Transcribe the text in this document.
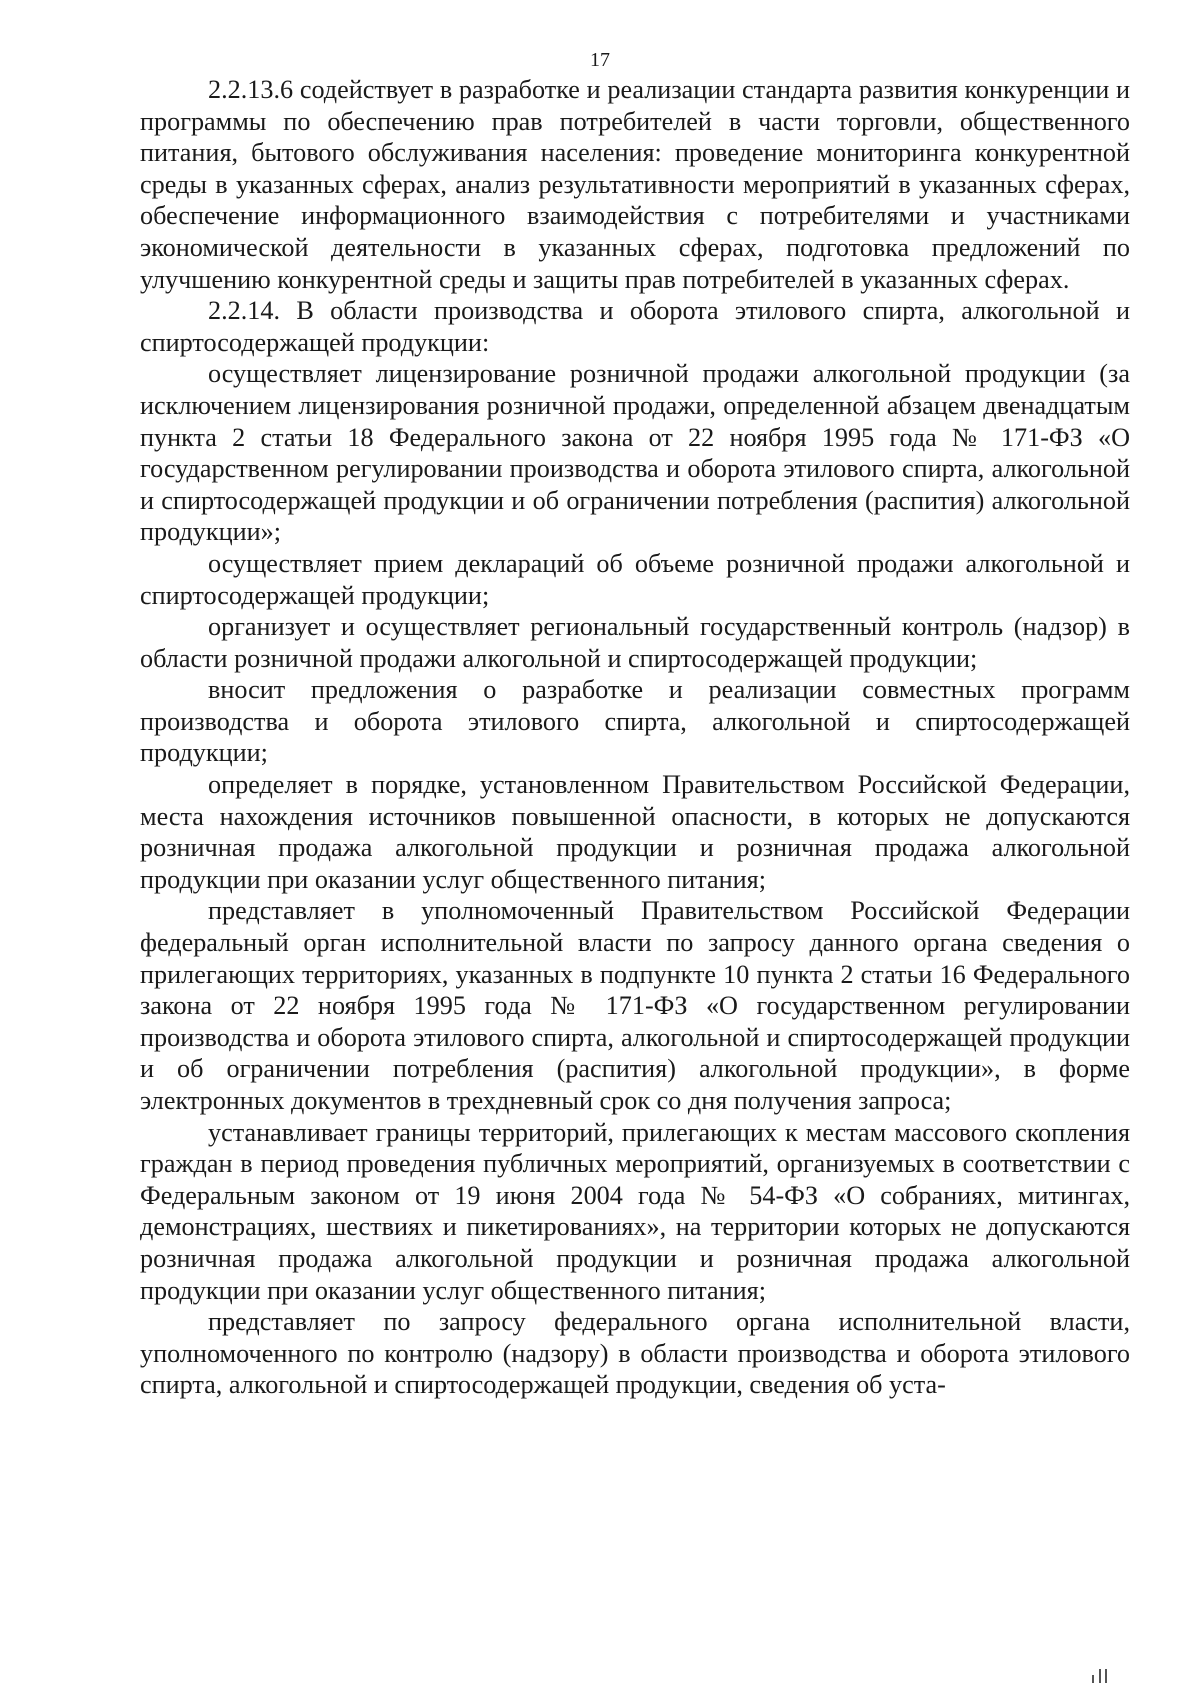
17

2.2.13.6 содействует в разработке и реализации стандарта развития конкуренции и программы по обеспечению прав потребителей в части торговли, общественного питания, бытового обслуживания населения: проведение мониторинга конкурентной среды в указанных сферах, анализ результативности мероприятий в указанных сферах, обеспечение информационного взаимодействия с потребителями и участниками экономической деятельности в указанных сферах, подготовка предложений по улучшению конкурентной среды и защиты прав потребителей в указанных сферах.

2.2.14. В области производства и оборота этилового спирта, алкогольной и спиртосодержащей продукции:

осуществляет лицензирование розничной продажи алкогольной продукции (за исключением лицензирования розничной продажи, определенной абзацем двенадцатым пункта 2 статьи 18 Федерального закона от 22 ноября 1995 года № 171-ФЗ «О государственном регулировании производства и оборота этилового спирта, алкогольной и спиртосодержащей продукции и об ограничении потребления (распития) алкогольной продукции»;

осуществляет прием деклараций об объеме розничной продажи алкогольной и спиртосодержащей продукции;

организует и осуществляет региональный государственный контроль (надзор) в области розничной продажи алкогольной и спиртосодержащей продукции;

вносит предложения о разработке и реализации совместных программ производства и оборота этилового спирта, алкогольной и спиртосодержащей продукции;

определяет в порядке, установленном Правительством Российской Федерации, места нахождения источников повышенной опасности, в которых не допускаются розничная продажа алкогольной продукции и розничная продажа алкогольной продукции при оказании услуг общественного питания;

представляет в уполномоченный Правительством Российской Федерации федеральный орган исполнительной власти по запросу данного органа сведения о прилегающих территориях, указанных в подпункте 10 пункта 2 статьи 16 Федерального закона от 22 ноября 1995 года № 171-ФЗ «О государственном регулировании производства и оборота этилового спирта, алкогольной и спиртосодержащей продукции и об ограничении потребления (распития) алкогольной продукции», в форме электронных документов в трехдневный срок со дня получения запроса;

устанавливает границы территорий, прилегающих к местам массового скопления граждан в период проведения публичных мероприятий, организуемых в соответствии с Федеральным законом от 19 июня 2004 года № 54-ФЗ «О собраниях, митингах, демонстрациях, шествиях и пикетированиях», на территории которых не допускаются розничная продажа алкогольной продукции и розничная продажа алкогольной продукции при оказании услуг общественного питания;

представляет по запросу федерального органа исполнительной власти, уполномоченного по контролю (надзору) в области производства и оборота этилового спирта, алкогольной и спиртосодержащей продукции, сведения об уста-
